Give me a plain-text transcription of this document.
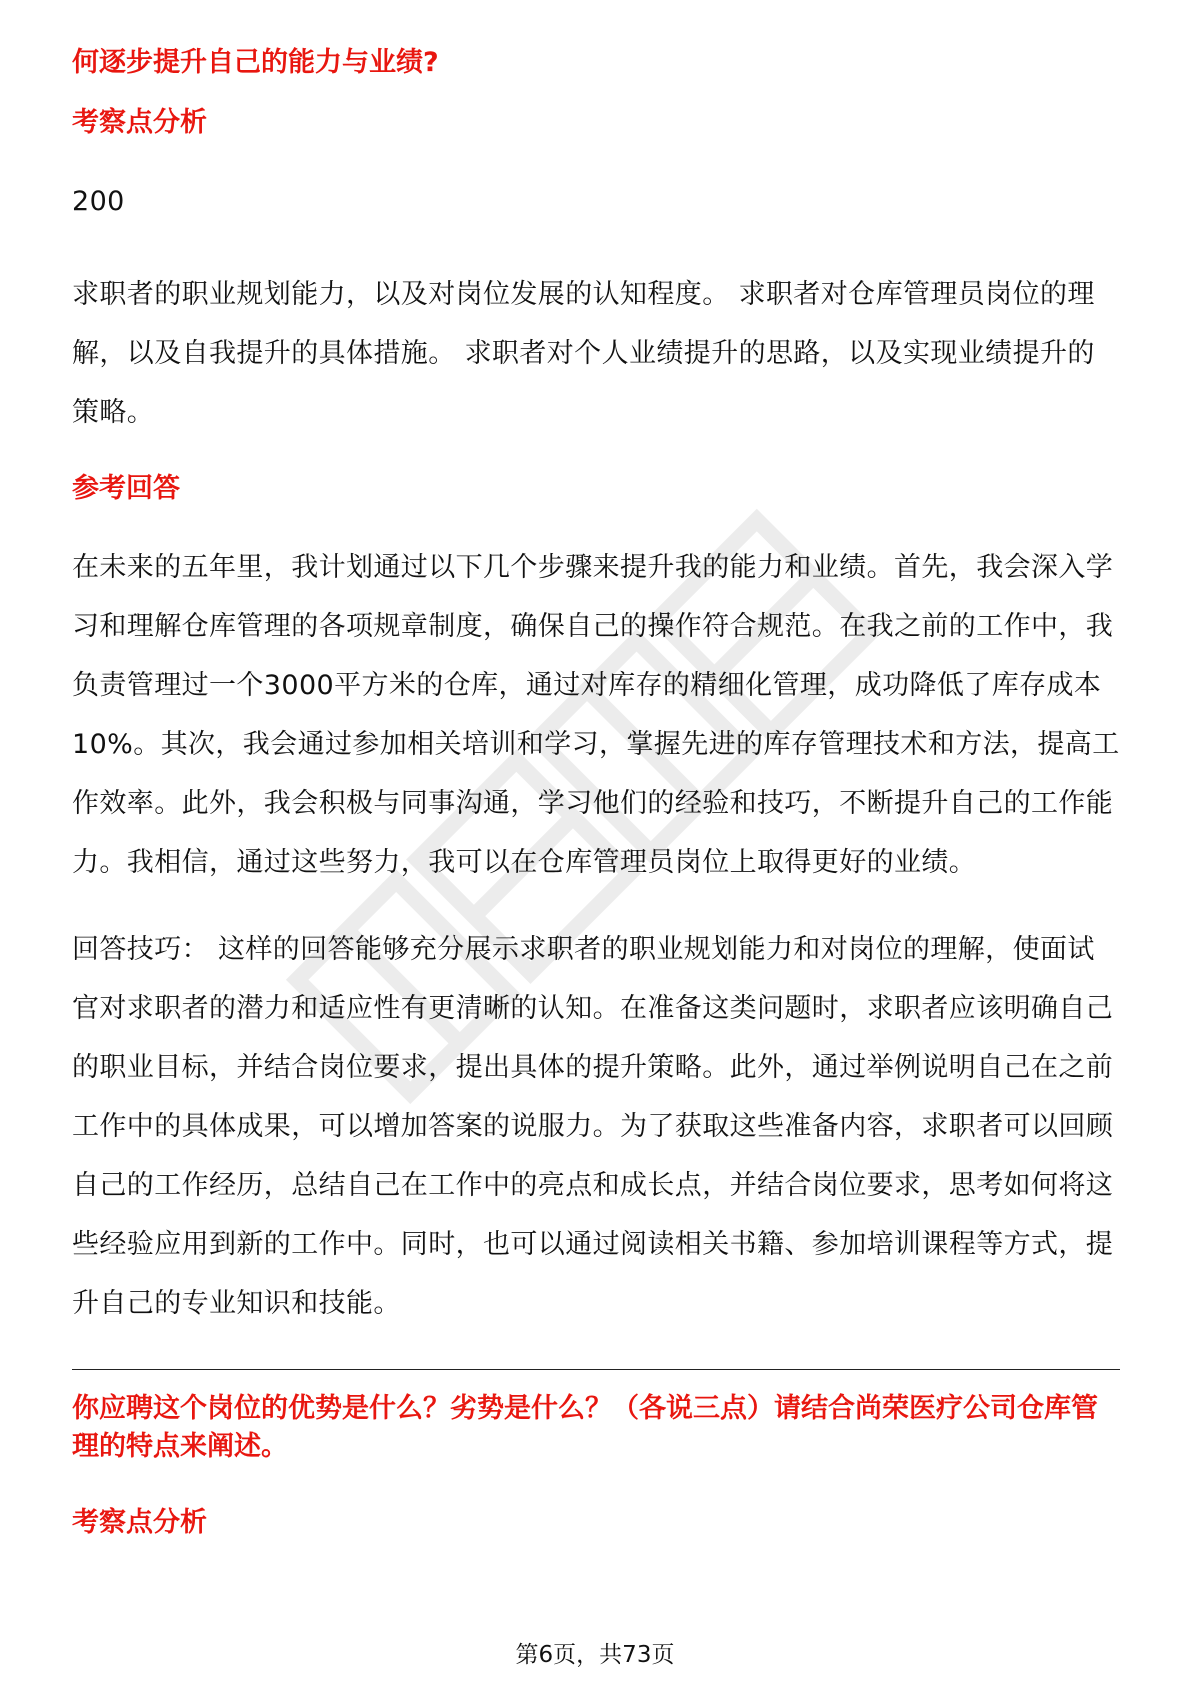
何逐步提升自己的能力与业绩?

考察点分析

200

求职者的职业规划能力，以及对岗位发展的认知程度。 求职者对仓库管理员岗位的理解，以及自我提升的具体措施。 求职者对个人业绩提升的思路，以及实现业绩提升的策略。

参考回答

在未来的五年里，我计划通过以下几个步骤来提升我的能力和业绩。首先，我会深入学习和理解仓库管理的各项规章制度，确保自己的操作符合规范。在我之前的工作中，我负责管理过一个3000平方米的仓库，通过对库存的精细化管理，成功降低了库存成本10%。其次，我会通过参加相关培训和学习，掌握先进的库存管理技术和方法，提高工作效率。此外，我会积极与同事沟通，学习他们的经验和技巧，不断提升自己的工作能力。我相信，通过这些努力，我可以在仓库管理员岗位上取得更好的业绩。

回答技巧： 这样的回答能够充分展示求职者的职业规划能力和对岗位的理解，使面试官对求职者的潜力和适应性有更清晰的认知。在准备这类问题时，求职者应该明确自己的职业目标，并结合岗位要求，提出具体的提升策略。此外，通过举例说明自己在之前工作中的具体成果，可以增加答案的说服力。为了获取这些准备内容，求职者可以回顾自己的工作经历，总结自己在工作中的亮点和成长点，并结合岗位要求，思考如何将这些经验应用到新的工作中。同时，也可以通过阅读相关书籍、参加培训课程等方式，提升自己的专业知识和技能。

你应聘这个岗位的优势是什么？劣势是什么？（各说三点）请结合尚荣医疗公司仓库管理的特点来阐述。

考察点分析

第6页，共73页
